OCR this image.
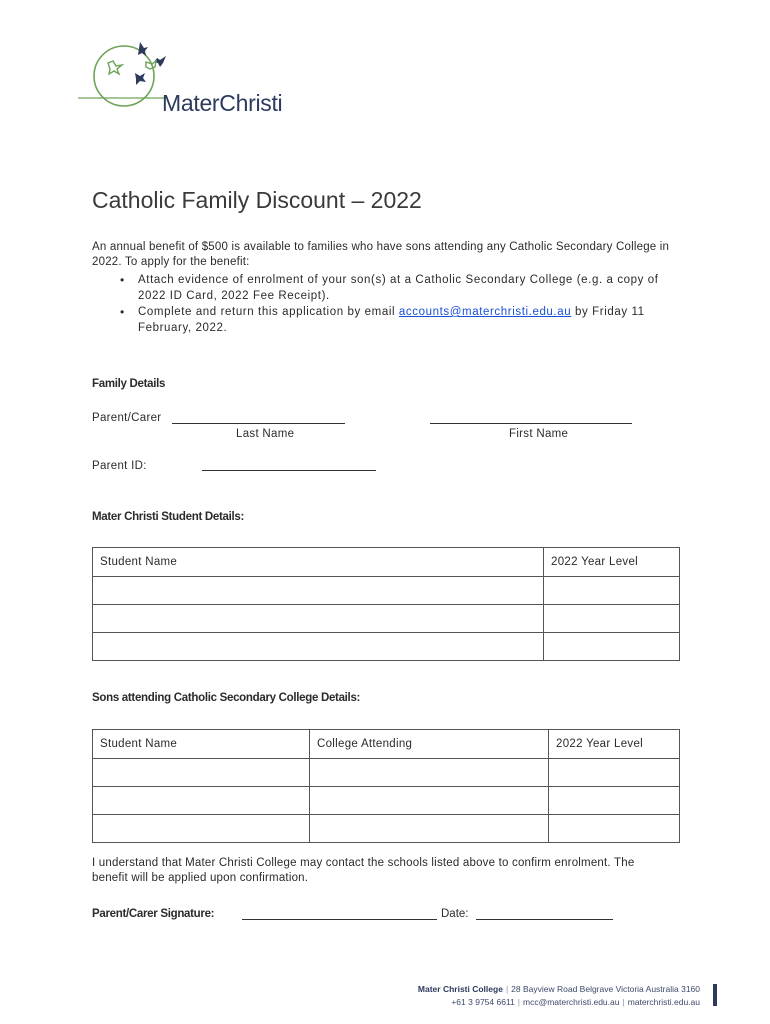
MaterChristi
Catholic Family Discount – 2022
An annual benefit of $500 is available to families who have sons attending any Catholic Secondary College in 2022. To apply for the benefit:
• Attach evidence of enrolment of your son(s) at a Catholic Secondary College (e.g. a copy of 2022 ID Card, 2022 Fee Receipt).
• Complete and return this application by email accounts@materchristi.edu.au by Friday 11 February, 2022.
Family Details
Parent/Carer
Last Name	First Name
Parent ID:
Mater Christi Student Details:
Student Name	2022 Year Level

Sons attending Catholic Secondary College Details:
Student Name	College Attending	2022 Year Level

I understand that Mater Christi College may contact the schools listed above to confirm enrolment. The benefit will be applied upon confirmation.
Parent/Carer Signature:	Date:
Mater Christi College | 28 Bayview Road Belgrave Victoria Australia 3160
+61 3 9754 6611 | mcc@materchristi.edu.au | materchristi.edu.au
